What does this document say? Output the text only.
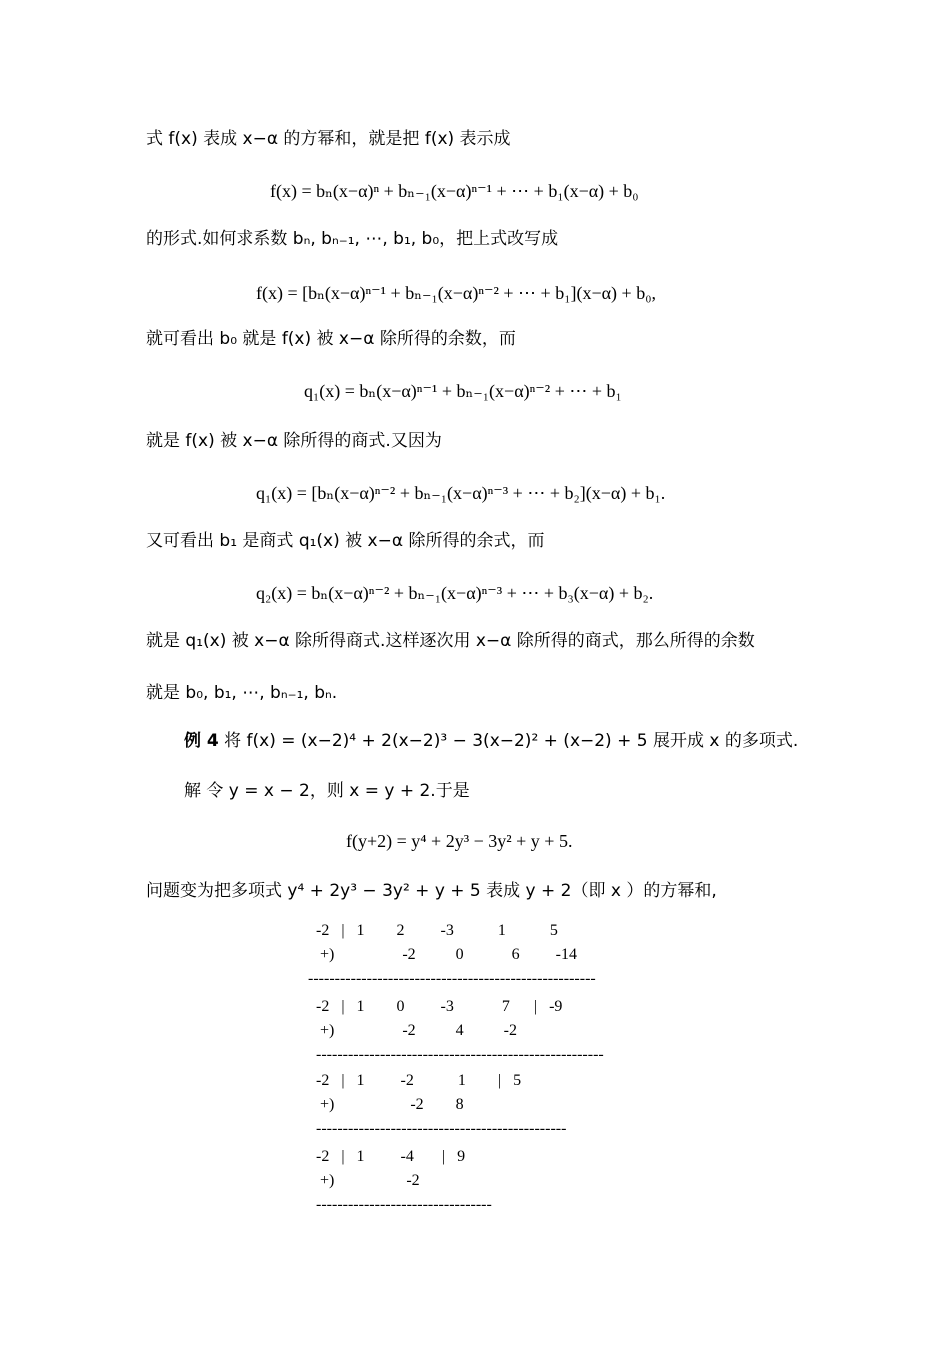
式 f(x) 表成 x−α 的方幂和，就是把 f(x) 表示成
f(x) = bₙ(x−α)ⁿ + bₙ₋₁(x−α)ⁿ⁻¹ + ⋯ + b₁(x−α) + b₀
的形式.如何求系数 bₙ, bₙ₋₁, ⋯, b₁, b₀，把上式改写成
f(x) = [bₙ(x−α)ⁿ⁻¹ + bₙ₋₁(x−α)ⁿ⁻² + ⋯ + b₁](x−α) + b₀,
就可看出 b₀ 就是 f(x) 被 x−α 除所得的余数，而
q₁(x) = bₙ(x−α)ⁿ⁻¹ + bₙ₋₁(x−α)ⁿ⁻² + ⋯ + b₁
就是 f(x) 被 x−α 除所得的商式.又因为
q₁(x) = [bₙ(x−α)ⁿ⁻² + bₙ₋₁(x−α)ⁿ⁻³ + ⋯ + b₂](x−α) + b₁.
又可看出 b₁ 是商式 q₁(x) 被 x−α 除所得的余式，而
q₂(x) = bₙ(x−α)ⁿ⁻² + bₙ₋₁(x−α)ⁿ⁻³ + ⋯ + b₃(x−α) + b₂.
就是 q₁(x) 被 x−α 除所得商式.这样逐次用 x−α 除所得的商式，那么所得的余数
就是 b₀, b₁, ⋯, bₙ₋₁, bₙ.
例 4 将 f(x) = (x−2)⁴ + 2(x−2)³ − 3(x−2)² + (x−2) + 5 展开成 x 的多项式.
解 令 y = x − 2，则 x = y + 2.于是
f(y+2) = y⁴ + 2y³ − 3y² + y + 5.
问题变为把多项式 y⁴ + 2y³ − 3y² + y + 5 表成 y + 2（即 x ）的方幂和,
-2   |   1        2         -3           1           5
+)                 -2          0            6         -14
------------------------------------------------------
-2   |   1        0         -3            7      |   -9
+)                 -2          4          -2
------------------------------------------------------
-2   |   1         -2           1        |   5
+)                   -2        8
-----------------------------------------------
-2   |   1         -4       |   9
+)                  -2
---------------------------------
